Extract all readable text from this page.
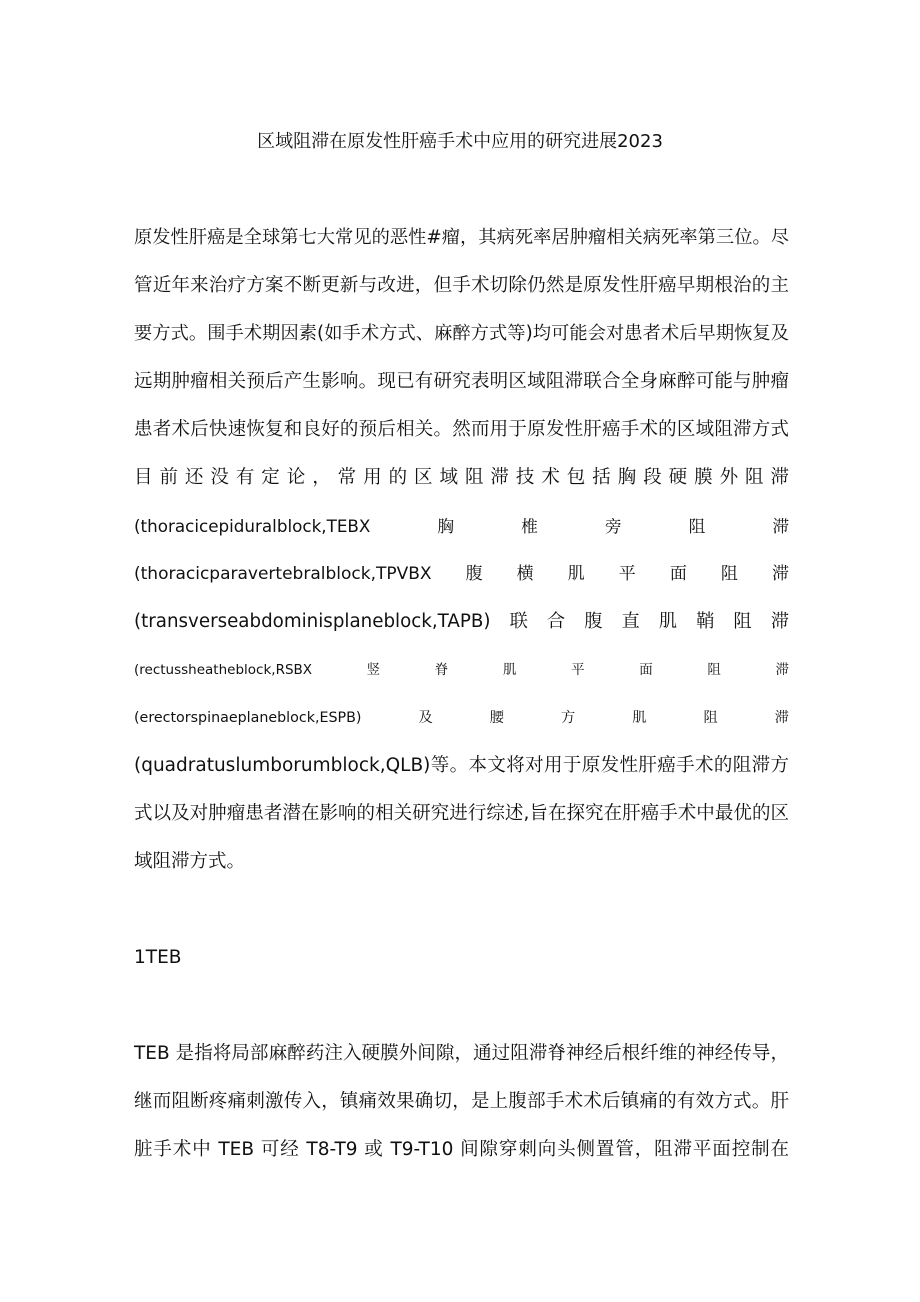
区域阻滞在原发性肝癌手术中应用的研究进展2023
原发性肝癌是全球第七大常见的恶性#瘤，其病死率居肿瘤相关病死率第三位。尽
管近年来治疗方案不断更新与改进，但手术切除仍然是原发性肝癌早期根治的主
要方式。围手术期因素(如手术方式、麻醉方式等)均可能会对患者术后早期恢复及
远期肿瘤相关预后产生影响。现已有研究表明区域阻滞联合全身麻醉可能与肿瘤
患者术后快速恢复和良好的预后相关。然而用于原发性肝癌手术的区域阻滞方式
目 前 还 没 有 定 论 ， 常 用 的 区 域 阻 滞 技 术 包 括 胸 段 硬 膜 外 阻 滞
(thoracicepiduralblock,TEBX　　　　胸　　　　椎　　　　旁　　　　阻　　　　滞
(thoracicparavertebralblock,TPVBX　　腹　　横　　肌　　平　　面　　阻　　滞
(transverseabdominisplaneblock,TAPB)　联　合　腹　直　肌　鞘　阻　滞
(rectussheatheblock,RSBX　　　　竖　　　　脊　　　　肌　　　　平　　　　面　　　　阻　　　　滞
(erectorspinaeplaneblock,ESPB)　　　　及　　　　腰　　　　方　　　　肌　　　　阻　　　　滞
(quadratuslumborumblock,QLB)等。本文将对用于原发性肝癌手术的阻滞方
式以及对肿瘤患者潜在影响的相关研究进行综述,旨在探究在肝癌手术中最优的区
域阻滞方式。
1TEB
TEB 是指将局部麻醉药注入硬膜外间隙，通过阻滞脊神经后根纤维的神经传导，
继而阻断疼痛刺激传入，镇痛效果确切，是上腹部手术术后镇痛的有效方式。肝
脏手术中 TEB 可经 T8-T9 或 T9-T10 间隙穿刺向头侧置管，阻滞平面控制在
